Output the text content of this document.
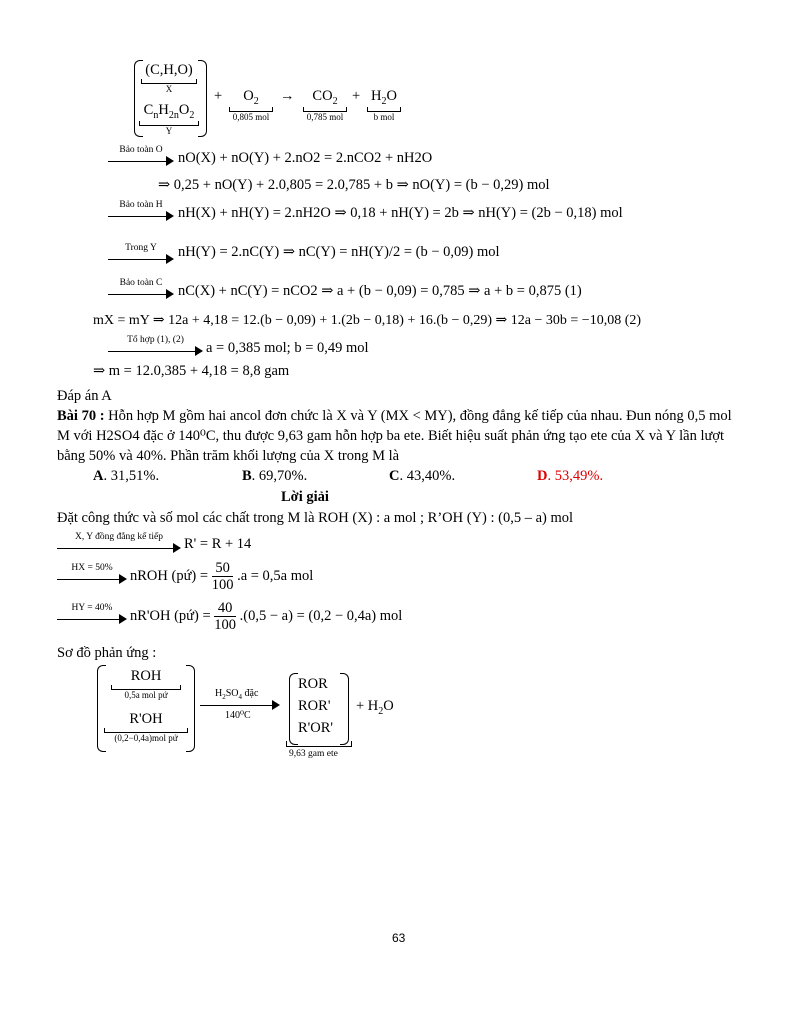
(C,H,O)
X
$C_nH_{2n}O_2$
Y
+	$O_2$
0,805 mol
→	$CO_2$
0,785 mol
+ $H_2O$
b mol
Bảo toàn O	nO(X) + nO(Y) + 2.nO2 = 2.nCO2 + nH2O
⇒ 0,25 + nO(Y) + 2.0,805 = 2.0,785 + b ⇒ nO(Y) = (b − 0,29) mol
Bảo toàn H	nH(X) + nH(Y) = 2.nH2O ⇒ 0,18 + nH(Y) = 2b ⇒ nH(Y) = (2b − 0,18) mol
Trong Y	nH(Y) = 2.nC(Y) ⇒ nC(Y) = nH(Y)/2 = (b − 0,09) mol
Bảo toàn C	nC(X) + nC(Y) = nCO2 ⇒ a + (b − 0,09) = 0,785 ⇒ a + b = 0,875 (1)
mX = mY ⇒ 12a + 4,18 = 12.(b − 0,09) + 1.(2b − 0,18) + 16.(b − 0,29) ⇒ 12a − 30b = −10,08 (2)
Tổ hợp (1), (2)	a = 0,385 mol; b = 0,49 mol
⇒ m = 12.0,385 + 4,18 = 8,8 gam
Đáp án A
Bài 70 : Hỗn hợp M gồm hai ancol đơn chức là X và Y (MX < MY), đồng đẳng kế tiếp của nhau. Đun nóng 0,5 mol M với H2SO4 đặc ở 140⁰C, thu được 9,63 gam hỗn hợp ba ete. Biết hiệu suất phản ứng tạo ete của X và Y lần lượt bằng 50% và 40%. Phần trăm khối lượng của X trong M là
A. 31,51%.	B. 69,70%.	C. 43,40%.	D. 53,49%.
Lời giải
Đặt công thức và số mol các chất trong M là ROH (X) : a mol ; R’OH (Y) : (0,5 – a) mol
X, Y đồng đẳng kế tiếp	R' = R + 14
HX = 50%	nROH (pứ) = $\frac{50}{100} .a = 0,5a$ mol
HY = 40%	nR'OH (pứ) = $\frac{40}{100} .(0,5 - a) = (0,2 - 0,4a)$ mol
Sơ đồ phản ứng :
ROH
0,5a mol pứ
R'OH
(0,2−0,4a)mol pứ
$H_2SO_4$ đặc
140⁰C
ROR
ROR'
R'OR'
9,63 gam ete
+ $H_2O$
63
